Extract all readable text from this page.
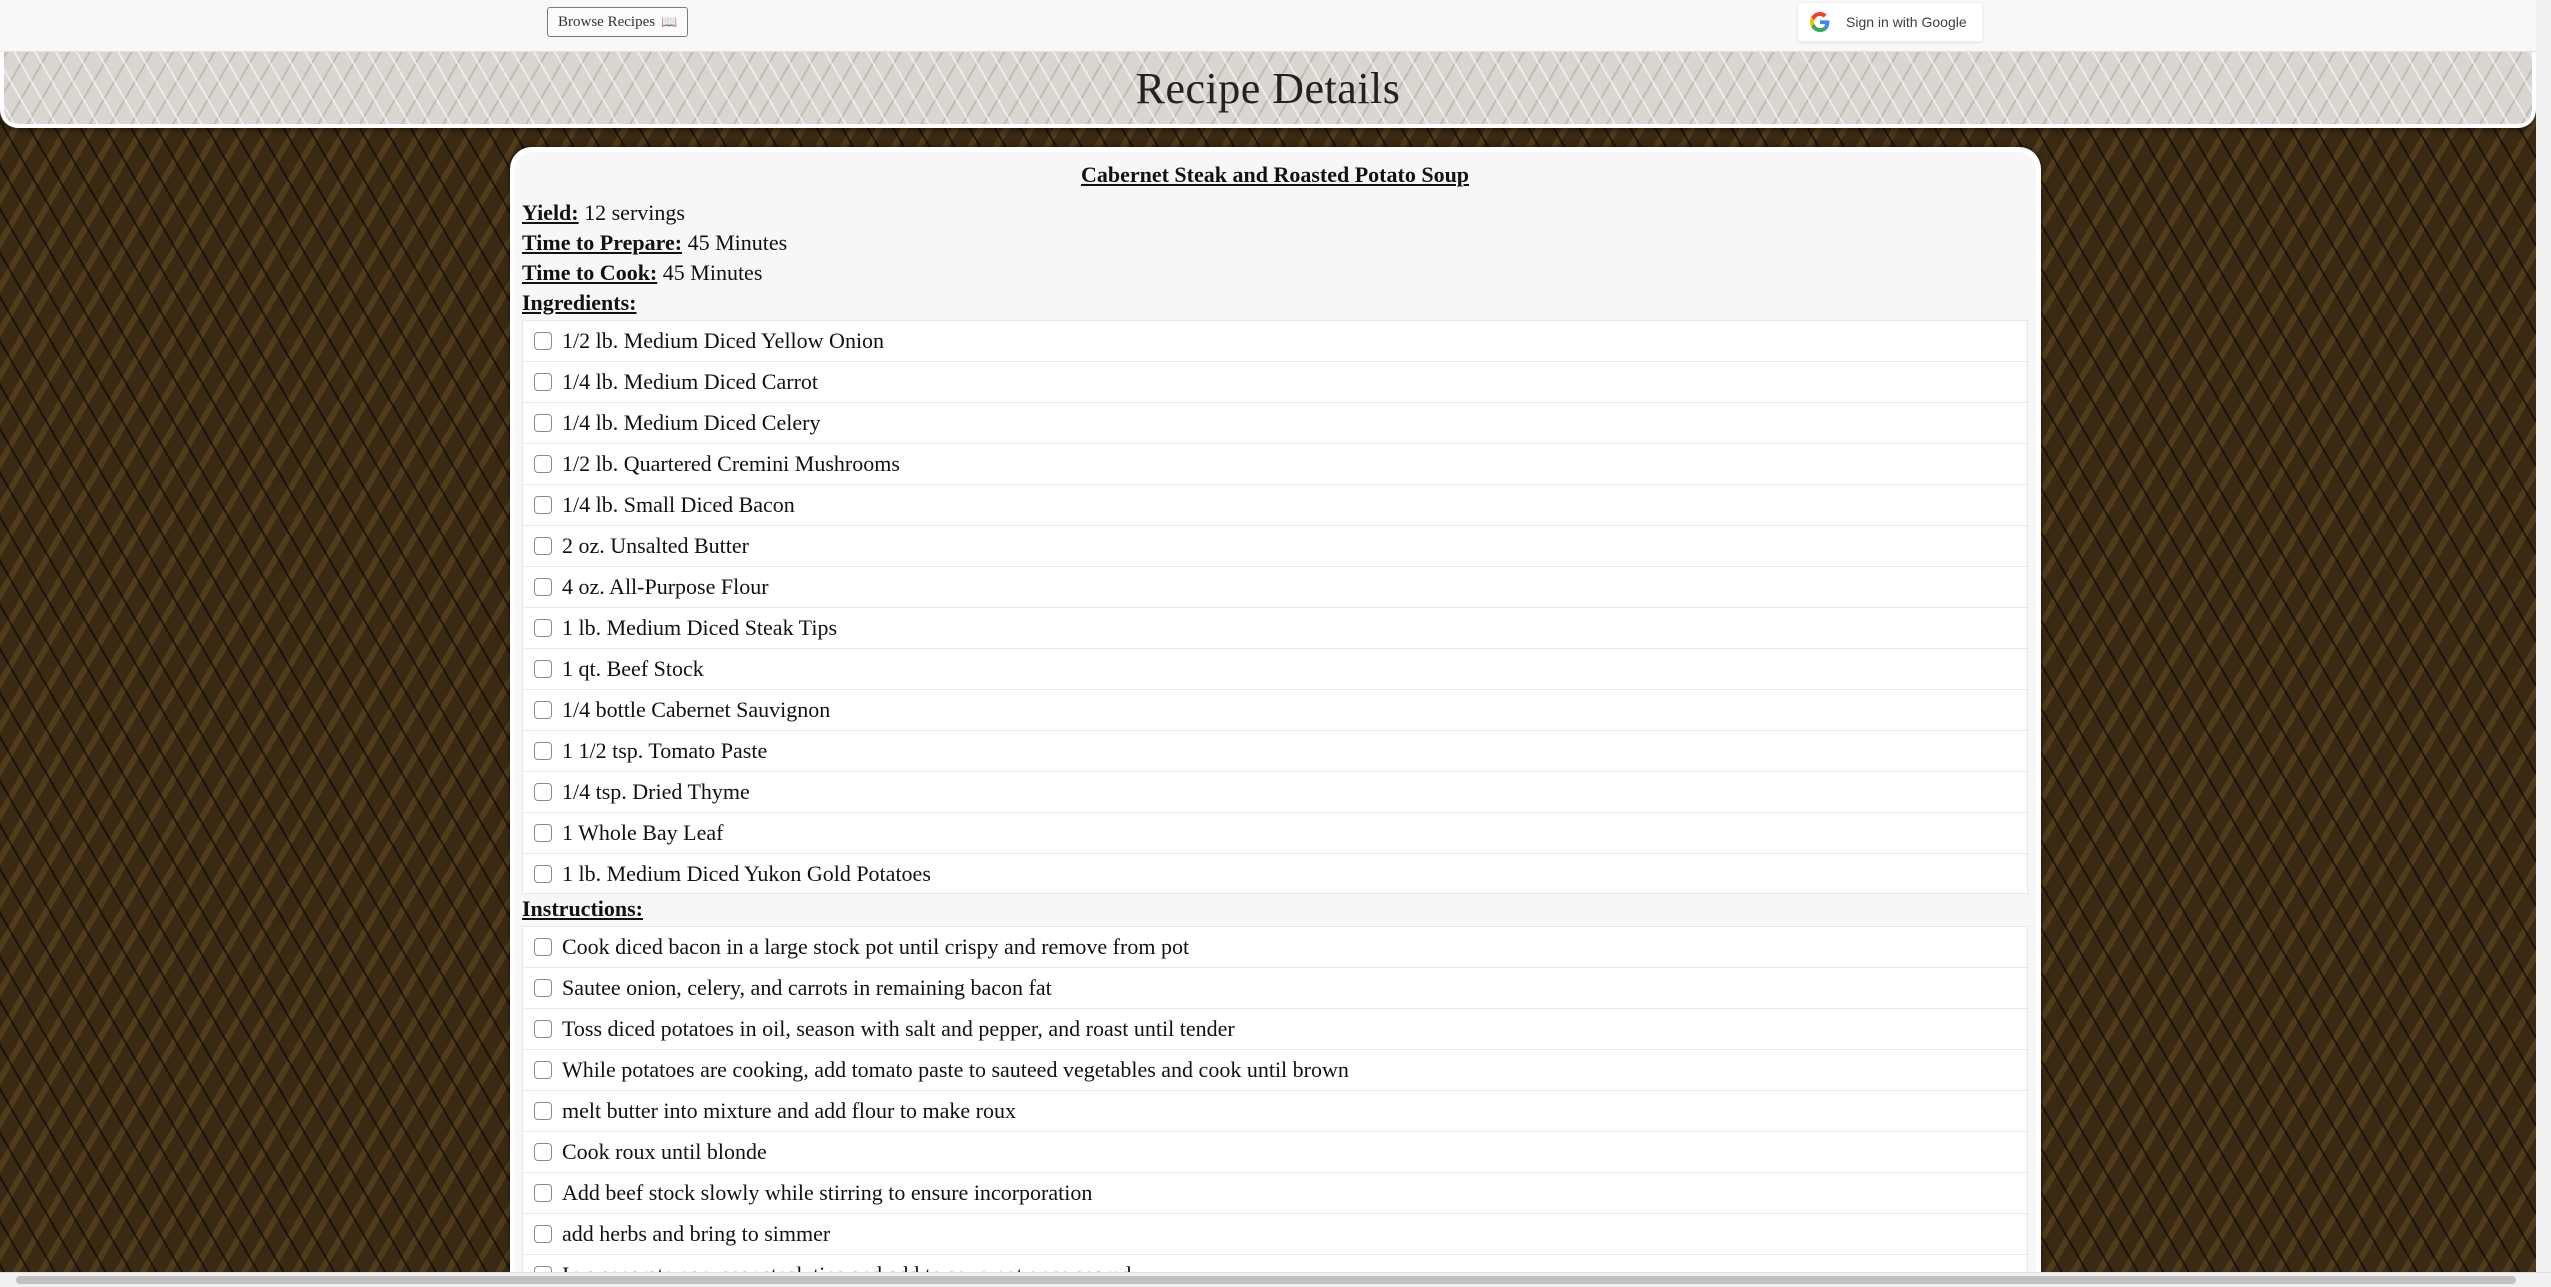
Browse Recipes 📖	Sign in with Google
Recipe Details
Cabernet Steak and Roasted Potato Soup
Yield: 12 servings
Time to Prepare: 45 Minutes
Time to Cook: 45 Minutes
Ingredients:
1/2 lb. Medium Diced Yellow Onion
1/4 lb. Medium Diced Carrot
1/4 lb. Medium Diced Celery
1/2 lb. Quartered Cremini Mushrooms
1/4 lb. Small Diced Bacon
2 oz. Unsalted Butter
4 oz. All-Purpose Flour
1 lb. Medium Diced Steak Tips
1 qt. Beef Stock
1/4 bottle Cabernet Sauvignon
1 1/2 tsp. Tomato Paste
1/4 tsp. Dried Thyme
1 Whole Bay Leaf
1 lb. Medium Diced Yukon Gold Potatoes
Instructions:
Cook diced bacon in a large stock pot until crispy and remove from pot
Sautee onion, celery, and carrots in remaining bacon fat
Toss diced potatoes in oil, season with salt and pepper, and roast until tender
While potatoes are cooking, add tomato paste to sauteed vegetables and cook until brown
melt butter into mixture and add flour to make roux
Cook roux until blonde
Add beef stock slowly while stirring to ensure incorporation
add herbs and bring to simmer
